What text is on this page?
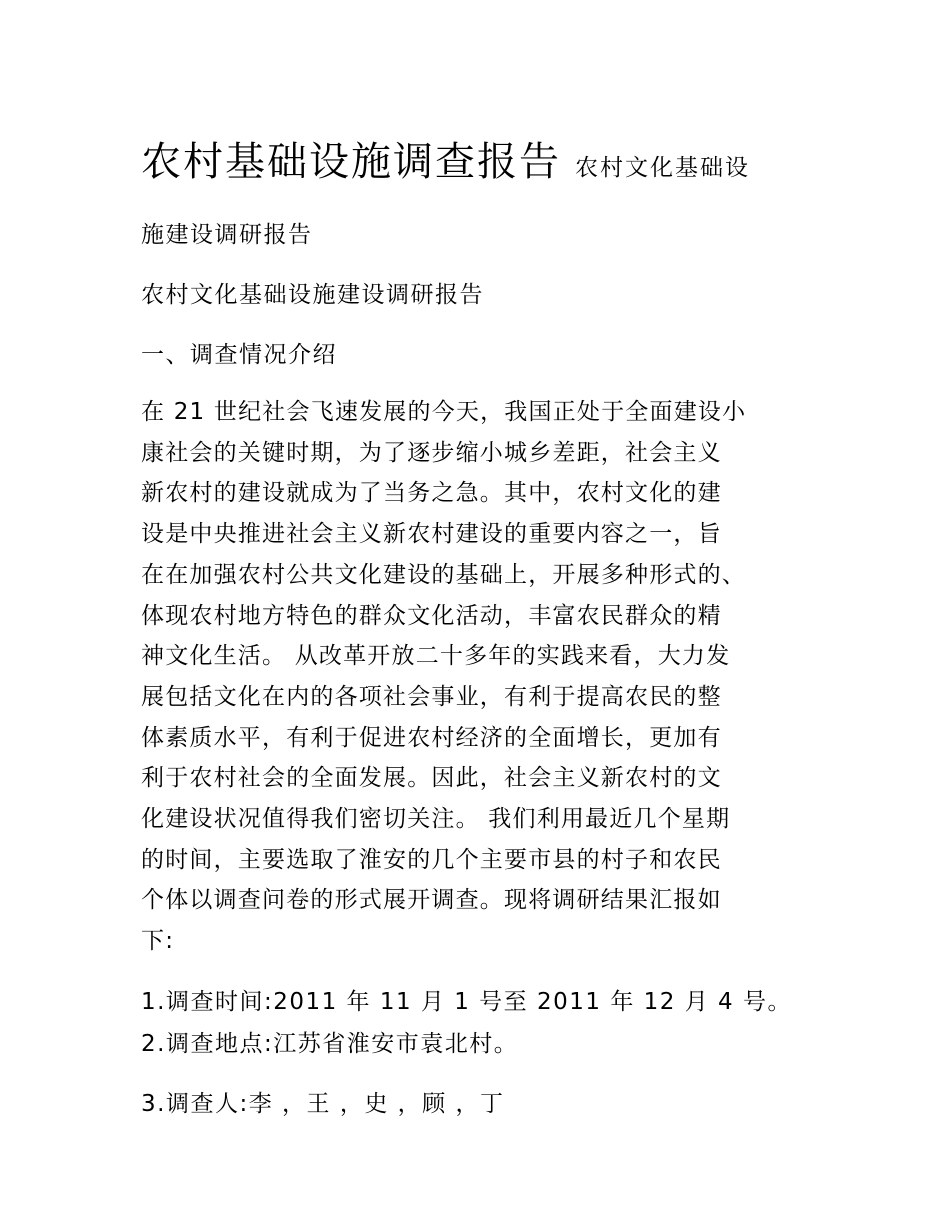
农村基础设施调查报告 农村文化基础设
施建设调研报告
农村文化基础设施建设调研报告
一、调查情况介绍
在 21 世纪社会飞速发展的今天，我国正处于全面建设小
康社会的关键时期，为了逐步缩小城乡差距，社会主义
新农村的建设就成为了当务之急。其中，农村文化的建
设是中央推进社会主义新农村建设的重要内容之一，旨
在在加强农村公共文化建设的基础上，开展多种形式的、
体现农村地方特色的群众文化活动，丰富农民群众的精
神文化生活。 从改革开放二十多年的实践来看，大力发
展包括文化在内的各项社会事业，有利于提高农民的整
体素质水平，有利于促进农村经济的全面增长，更加有
利于农村社会的全面发展。因此，社会主义新农村的文
化建设状况值得我们密切关注。 我们利用最近几个星期
的时间，主要选取了淮安的几个主要市县的村子和农民
个体以调查问卷的形式展开调查。现将调研结果汇报如
下:
1.调查时间:2011 年 11 月 1 号至 2011 年 12 月 4 号。
2.调查地点:江苏省淮安市袁北村。
3.调查人:李 ，王 ，史 ，顾 ，丁
